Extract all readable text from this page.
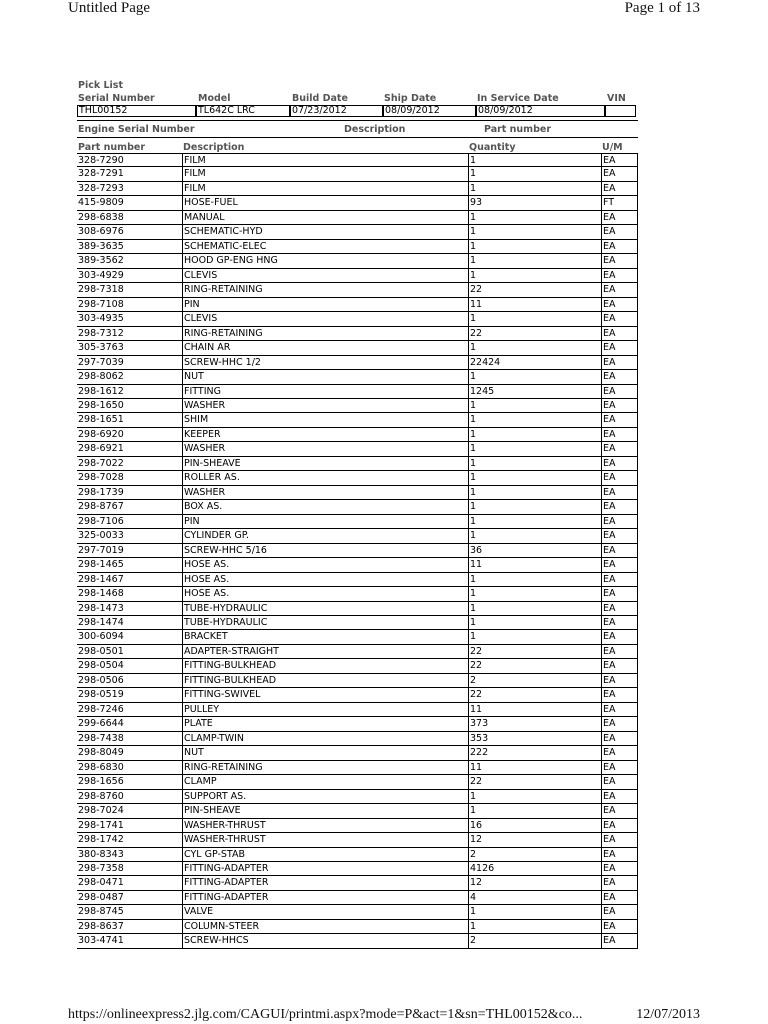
Untitled Page	Page 1 of 13
Pick List
Serial Number	Model	Build Date	Ship Date	In Service Date	VIN
THL00152	TL642C LRC	07/23/2012	08/09/2012	08/09/2012
Engine Serial Number	Description	Part number
Part number	Description	Quantity	U/M
328-7290	FILM	1	EA
328-7291	FILM	1	EA
328-7293	FILM	1	EA
415-9809	HOSE-FUEL	93	FT
298-6838	MANUAL	1	EA
308-6976	SCHEMATIC-HYD	1	EA
389-3635	SCHEMATIC-ELEC	1	EA
389-3562	HOOD GP-ENG HNG	1	EA
303-4929	CLEVIS	1	EA
298-7318	RING-RETAINING	22	EA
298-7108	PIN	11	EA
303-4935	CLEVIS	1	EA
298-7312	RING-RETAINING	22	EA
305-3763	CHAIN AR	1	EA
297-7039	SCREW-HHC 1/2	22424	EA
298-8062	NUT	1	EA
298-1612	FITTING	1245	EA
298-1650	WASHER	1	EA
298-1651	SHIM	1	EA
298-6920	KEEPER	1	EA
298-6921	WASHER	1	EA
298-7022	PIN-SHEAVE	1	EA
298-7028	ROLLER AS.	1	EA
298-1739	WASHER	1	EA
298-8767	BOX AS.	1	EA
298-7106	PIN	1	EA
325-0033	CYLINDER GP.	1	EA
297-7019	SCREW-HHC 5/16	36	EA
298-1465	HOSE AS.	11	EA
298-1467	HOSE AS.	1	EA
298-1468	HOSE AS.	1	EA
298-1473	TUBE-HYDRAULIC	1	EA
298-1474	TUBE-HYDRAULIC	1	EA
300-6094	BRACKET	1	EA
298-0501	ADAPTER-STRAIGHT	22	EA
298-0504	FITTING-BULKHEAD	22	EA
298-0506	FITTING-BULKHEAD	2	EA
298-0519	FITTING-SWIVEL	22	EA
298-7246	PULLEY	11	EA
299-6644	PLATE	373	EA
298-7438	CLAMP-TWIN	353	EA
298-8049	NUT	222	EA
298-6830	RING-RETAINING	11	EA
298-1656	CLAMP	22	EA
298-8760	SUPPORT AS.	1	EA
298-7024	PIN-SHEAVE	1	EA
298-1741	WASHER-THRUST	16	EA
298-1742	WASHER-THRUST	12	EA
380-8343	CYL GP-STAB	2	EA
298-7358	FITTING-ADAPTER	4126	EA
298-0471	FITTING-ADAPTER	12	EA
298-0487	FITTING-ADAPTER	4	EA
298-8745	VALVE	1	EA
298-8637	COLUMN-STEER	1	EA
303-4741	SCREW-HHCS	2	EA
https://onlineexpress2.jlg.com/CAGUI/printmi.aspx?mode=P&act=1&sn=THL00152&co...	12/07/2013
